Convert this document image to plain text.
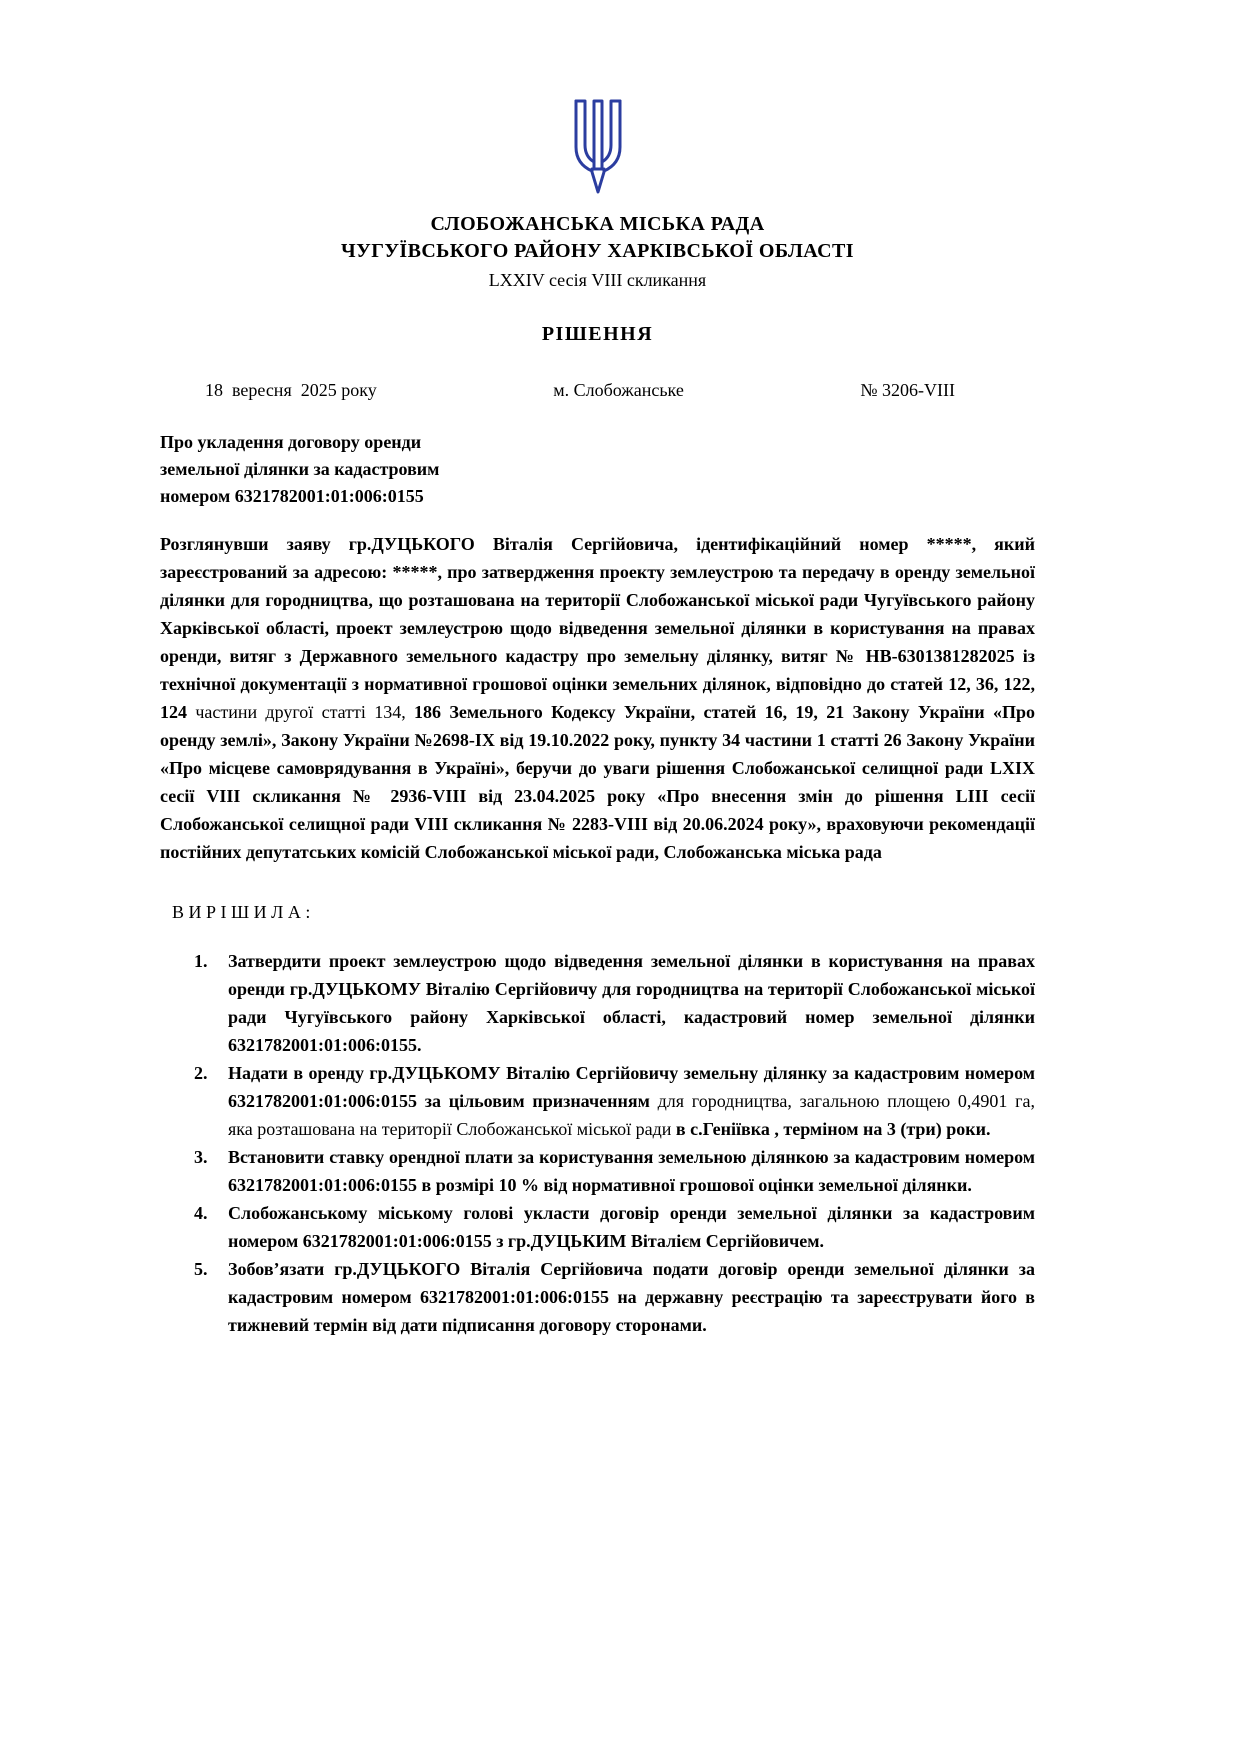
СЛОБОЖАНСЬКА МІСЬКА РАДА
ЧУГУЇВСЬКОГО РАЙОНУ ХАРКІВСЬКОЇ ОБЛАСТІ
LXXIV сесія VIII скликання
РІШЕННЯ
18  вересня  2025 року	м. Слобожанське	№ 3206-VIII
Про укладення договору оренди
земельної ділянки за кадастровим
номером 6321782001:01:006:0155

Розглянувши заяву гр.ДУЦЬКОГО Віталія Сергійовича, ідентифікаційний номер *****, який зареєстрований за адресою: *****, про затвердження проекту землеустрою та передачу в оренду земельної ділянки для городництва, що розташована на території Слобожанської міської ради Чугуївського району Харківської області, проект землеустрою щодо відведення земельної ділянки в користування на правах оренди, витяг з Державного земельного кадастру про земельну ділянку, витяг № НВ-6301381282025 із технічної документації з нормативної грошової оцінки земельних ділянок, відповідно до статей 12, 36, 122, 124 частини другої статті 134, 186 Земельного Кодексу України, статей 16, 19, 21 Закону України «Про оренду землі», Закону України №2698-IX від 19.10.2022 року, пункту 34 частини 1 статті 26 Закону України «Про місцеве самоврядування в Україні», беручи до уваги рішення Слобожанської селищної ради LXIX сесії VIII скликання № 2936-VIII від 23.04.2025 року «Про внесення змін до рішення LIII сесії Слобожанської селищної ради VIII скликання № 2283-VIII від 20.06.2024 року», враховуючи рекомендації постійних депутатських комісій Слобожанської міської ради, Слобожанська міська рада

В И Р І Ш И Л А :
1. Затвердити проект землеустрою щодо відведення земельної ділянки в користування на правах оренди гр.ДУЦЬКОМУ Віталію Сергійовичу для городництва на території Слобожанської міської ради Чугуївського району Харківської області, кадастровий номер земельної ділянки 6321782001:01:006:0155.
2. Надати в оренду гр.ДУЦЬКОМУ Віталію Сергійовичу земельну ділянку за кадастровим номером 6321782001:01:006:0155 за цільовим призначенням для городництва, загальною площею 0,4901 га, яка розташована на території Слобожанської міської ради в с.Геніївка , терміном на 3 (три) роки.
3. Встановити ставку орендної плати за користування земельною ділянкою за кадастровим номером 6321782001:01:006:0155 в розмірі 10 % від нормативної грошової оцінки земельної ділянки.
4. Слобожанському міському голові укласти договір оренди земельної ділянки за кадастровим номером 6321782001:01:006:0155 з гр.ДУЦЬКИМ Віталієм Сергійовичем.
5. Зобов’язати гр.ДУЦЬКОГО Віталія Сергійовича подати договір оренди земельної ділянки за кадастровим номером 6321782001:01:006:0155 на державну реєстрацію та зареєструвати його в тижневий термін від дати підписання договору сторонами.
